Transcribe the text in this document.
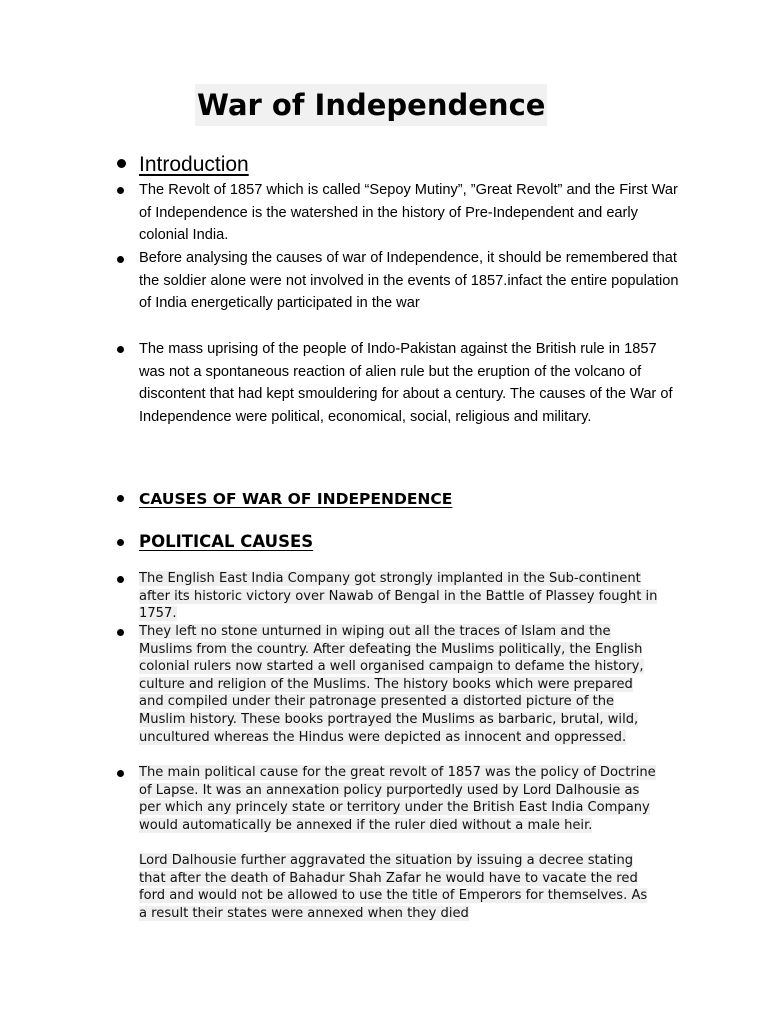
War of Independence
Introduction
The Revolt of 1857 which is called “Sepoy Mutiny”, ”Great Revolt” and the First War of Independence is the watershed in the history of Pre-Independent and early colonial India.
Before analysing the causes of war of Independence, it should be remembered that the soldier alone were not involved in the events of 1857.infact the entire population of India energetically participated in the war
The mass uprising of the people of Indo-Pakistan against the British rule in 1857 was not a spontaneous reaction of alien rule but the eruption of the volcano of discontent that had kept smouldering for about a century. The causes of the War of Independence were political, economical, social, religious and military.
CAUSES OF WAR OF INDEPENDENCE
POLITICAL CAUSES
The English East India Company got strongly implanted in the Sub-continent after its historic victory over Nawab of Bengal in the Battle of Plassey fought in 1757.
They left no stone unturned in wiping out all the traces of Islam and the Muslims from the country. After defeating the Muslims politically, the English colonial rulers now started a well organised campaign to defame the history, culture and religion of the Muslims. The history books which were prepared and compiled under their patronage presented a distorted picture of the Muslim history. These books portrayed the Muslims as barbaric, brutal, wild, uncultured whereas the Hindus were depicted as innocent and oppressed.
The main political cause for the great revolt of 1857 was the policy of Doctrine of Lapse. It was an annexation policy purportedly used by Lord Dalhousie as per which any princely state or territory under the British East India Company would automatically be annexed if the ruler died without a male heir.
Lord Dalhousie further aggravated the situation by issuing a decree stating that after the death of Bahadur Shah Zafar he would have to vacate the red ford and would not be allowed to use the title of Emperors for themselves. As a result their states were annexed when they died
